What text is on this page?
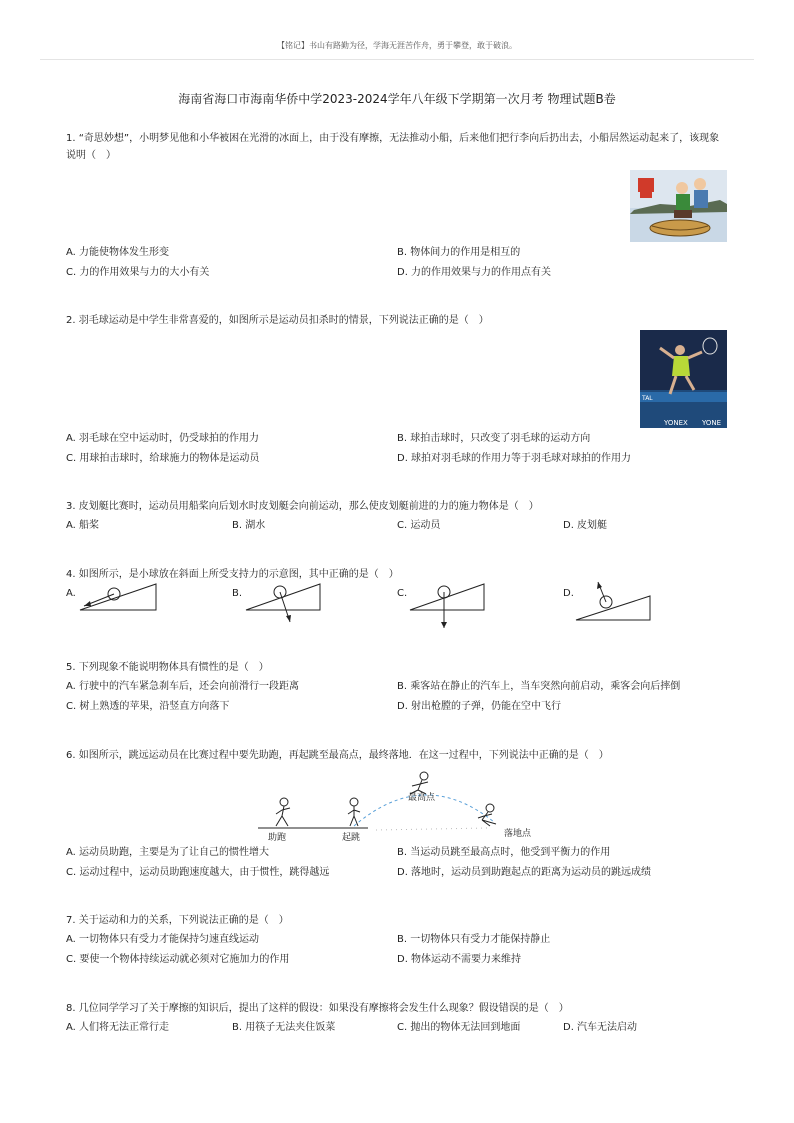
【铭记】书山有路勤为径，学海无涯苦作舟，勇于攀登，敢于破浪。
海南省海口市海南华侨中学2023-2024学年八年级下学期第一次月考 物理试题B卷
1. “奇思妙想”，小明梦见他和小华被困在光滑的冰面上，由于没有摩擦，无法推动小船，后来他们把行李向后扔出去，小船居然运动起来了，该现象说明（　）
A. 力能使物体发生形变	B. 物体间力的作用是相互的
C. 力的作用效果与力的大小有关	D. 力的作用效果与力的作用点有关
2. 羽毛球运动是中学生非常喜爱的，如图所示是运动员扣杀时的情景，下列说法正确的是（　）
TAL
YONEX YONE
A. 羽毛球在空中运动时，仍受球拍的作用力	B. 球拍击球时，只改变了羽毛球的运动方向
C. 用球拍击球时，给球施力的物体是运动员	D. 球拍对羽毛球的作用力等于羽毛球对球拍的作用力
3. 皮划艇比赛时，运动员用船桨向后划水时皮划艇会向前运动，那么使皮划艇前进的力的施力物体是（　）
A. 船桨	B. 湖水	C. 运动员	D. 皮划艇
4. 如图所示，是小球放在斜面上所受支持力的示意图，其中正确的是（　）
A.	B.	C.	D.
5. 下列现象不能说明物体具有惯性的是（　）
A. 行驶中的汽车紧急刹车后，还会向前滑行一段距离	B. 乘客站在静止的汽车上，当车突然向前启动，乘客会向后摔倒
C. 树上熟透的苹果，沿竖直方向落下	D. 射出枪膛的子弹，仍能在空中飞行
6. 如图所示，跳远运动员在比赛过程中要先助跑，再起跳至最高点，最终落地．在这一过程中，下列说法中正确的是（　）
助跑	起跳
最高点
落地点
A. 运动员助跑，主要是为了让自己的惯性增大	B. 当运动员跳至最高点时，他受到平衡力的作用
C. 运动过程中，运动员助跑速度越大，由于惯性，跳得越远	D. 落地时，运动员到助跑起点的距离为运动员的跳远成绩
7. 关于运动和力的关系，下列说法正确的是（　）
A. 一切物体只有受力才能保持匀速直线运动	B. 一切物体只有受力才能保持静止
C. 要使一个物体持续运动就必须对它施加力的作用	D. 物体运动不需要力来维持
8. 几位同学学习了关于摩擦的知识后，提出了这样的假设：如果没有摩擦将会发生什么现象？假设错误的是（　）
A. 人们将无法正常行走	B. 用筷子无法夹住饭菜	C. 抛出的物体无法回到地面	D. 汽车无法启动
